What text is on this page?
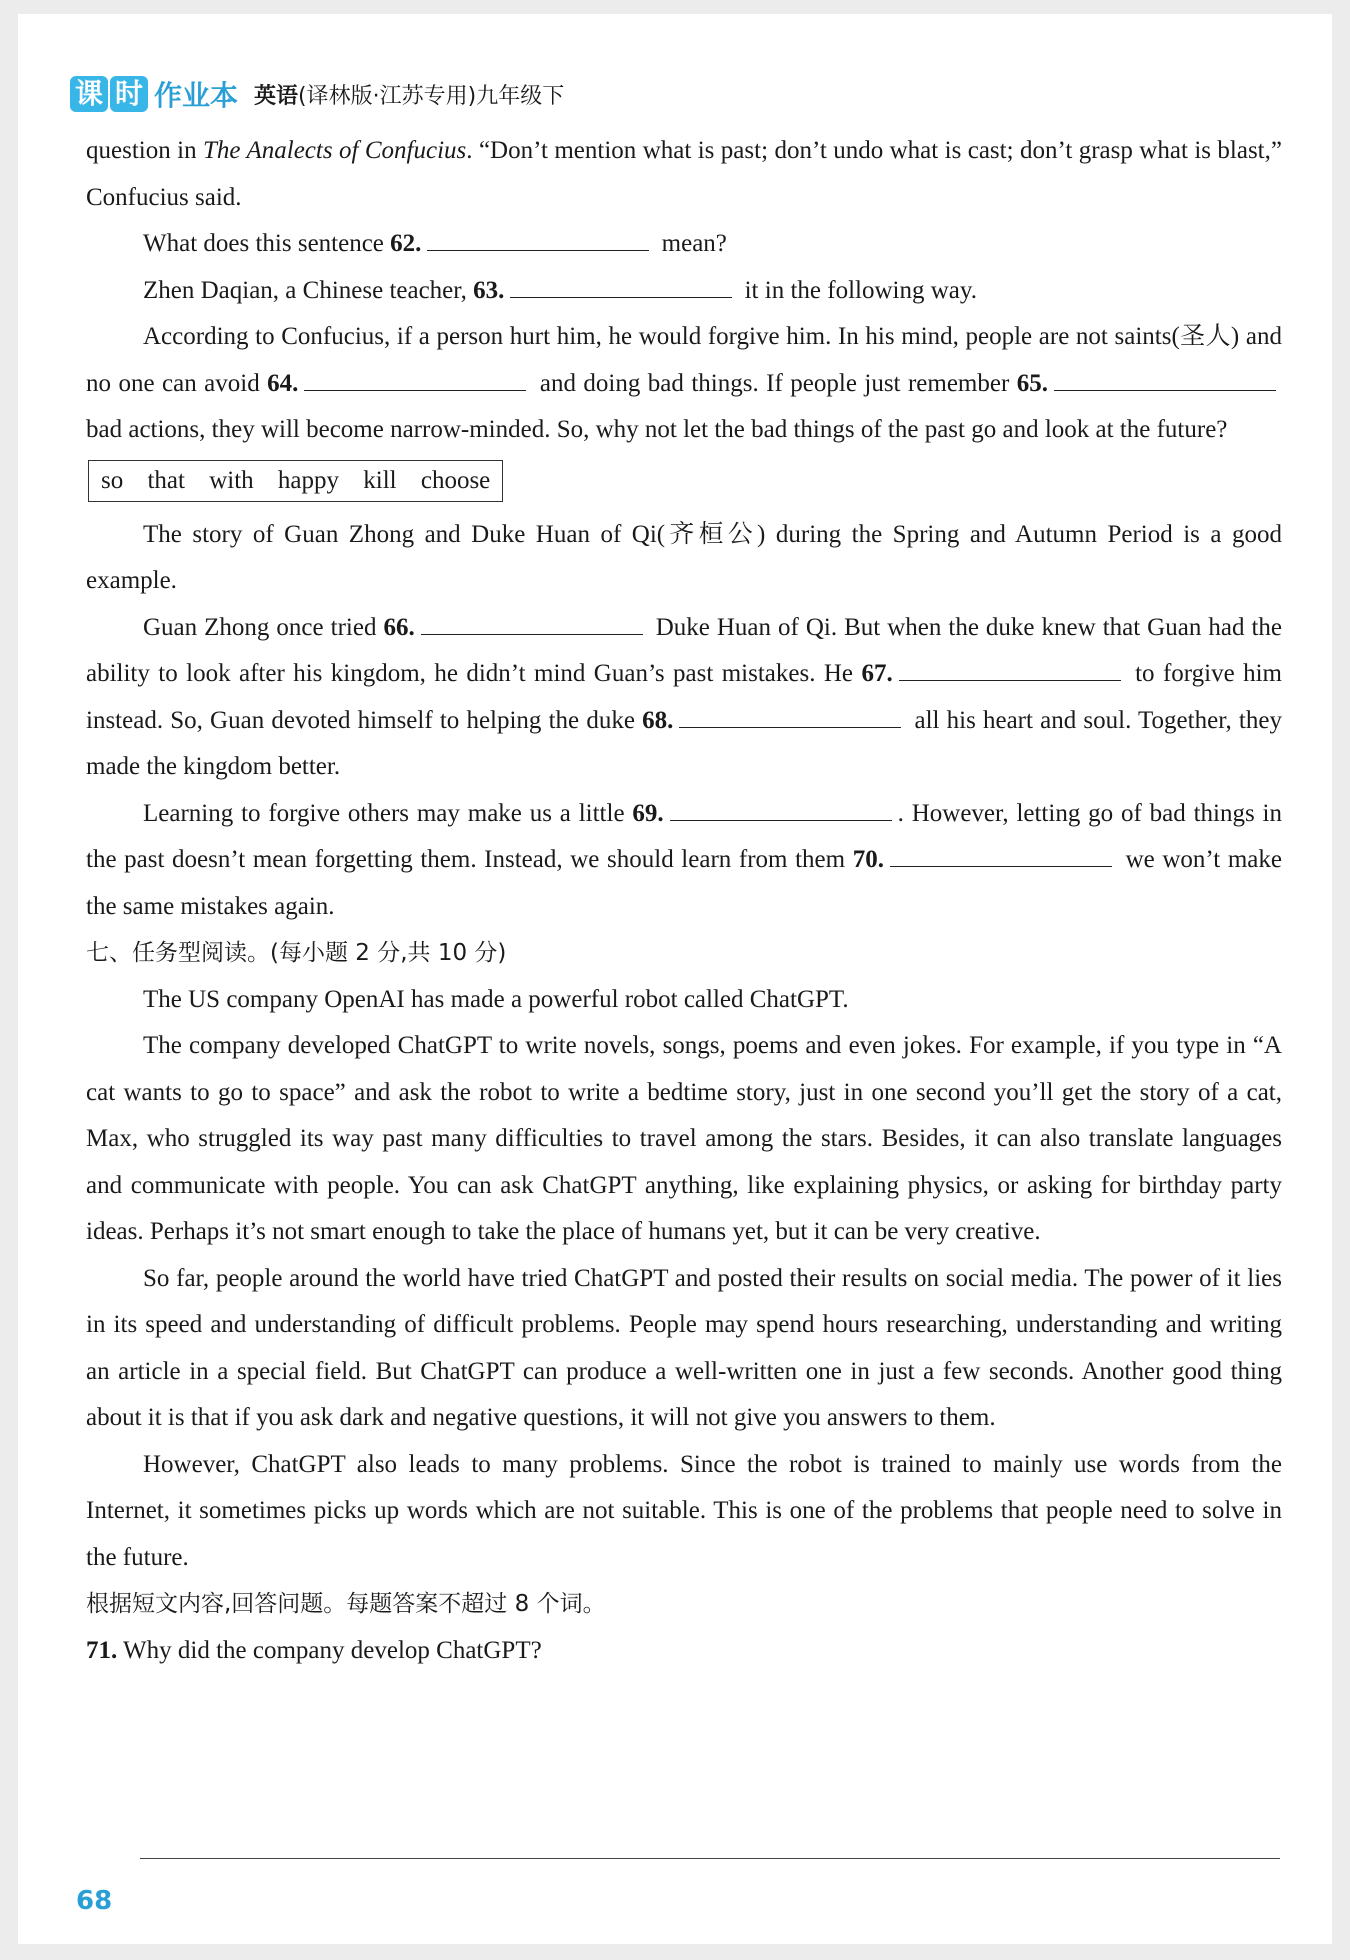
课 时 作业本 英语(译林版·江苏专用)九年级下

question in The Analects of Confucius. “Don’t mention what is past; don’t undo what is cast; don’t grasp what is blast,” Confucius said.

What does this sentence 62.	mean?

Zhen Daqian, a Chinese teacher, 63.	it in the following way.

According to Confucius, if a person hurt him, he would forgive him. In his mind, people are not saints(圣人) and no one can avoid 64.	and doing bad things. If people just remember 65. bad actions, they will become narrow-minded. So, why not let the bad things of the past go and look at the future?

so that with happy kill choose

The story of Guan Zhong and Duke Huan of Qi(齐桓公) during the Spring and Autumn Period is a good example.

Guan Zhong once tried 66.	Duke Huan of Qi. But when the duke knew that Guan had the ability to look after his kingdom, he didn’t mind Guan’s past mistakes. He 67.	to forgive him instead. So, Guan devoted himself to helping the duke 68.	all his heart and soul. Together, they made the kingdom better.

Learning to forgive others may make us a little 69.	. However, letting go of bad things in the past doesn’t mean forgetting them. Instead, we should learn from them 70.	we won’t make the same mistakes again.

七、任务型阅读。(每小题 2 分,共 10 分)

The US company OpenAI has made a powerful robot called ChatGPT.

The company developed ChatGPT to write novels, songs, poems and even jokes. For example, if you type in “A cat wants to go to space” and ask the robot to write a bedtime story, just in one second you’ll get the story of a cat, Max, who struggled its way past many difficulties to travel among the stars. Besides, it can also translate languages and communicate with people. You can ask ChatGPT anything, like explaining physics, or asking for birthday party ideas. Perhaps it’s not smart enough to take the place of humans yet, but it can be very creative.

So far, people around the world have tried ChatGPT and posted their results on social media. The power of it lies in its speed and understanding of difficult problems. People may spend hours researching, understanding and writing an article in a special field. But ChatGPT can produce a well-written one in just a few seconds. Another good thing about it is that if you ask dark and negative questions, it will not give you answers to them.

However, ChatGPT also leads to many problems. Since the robot is trained to mainly use words from the Internet, it sometimes picks up words which are not suitable. This is one of the problems that people need to solve in the future.

根据短文内容,回答问题。每题答案不超过 8 个词。

71. Why did the company develop ChatGPT?

68
